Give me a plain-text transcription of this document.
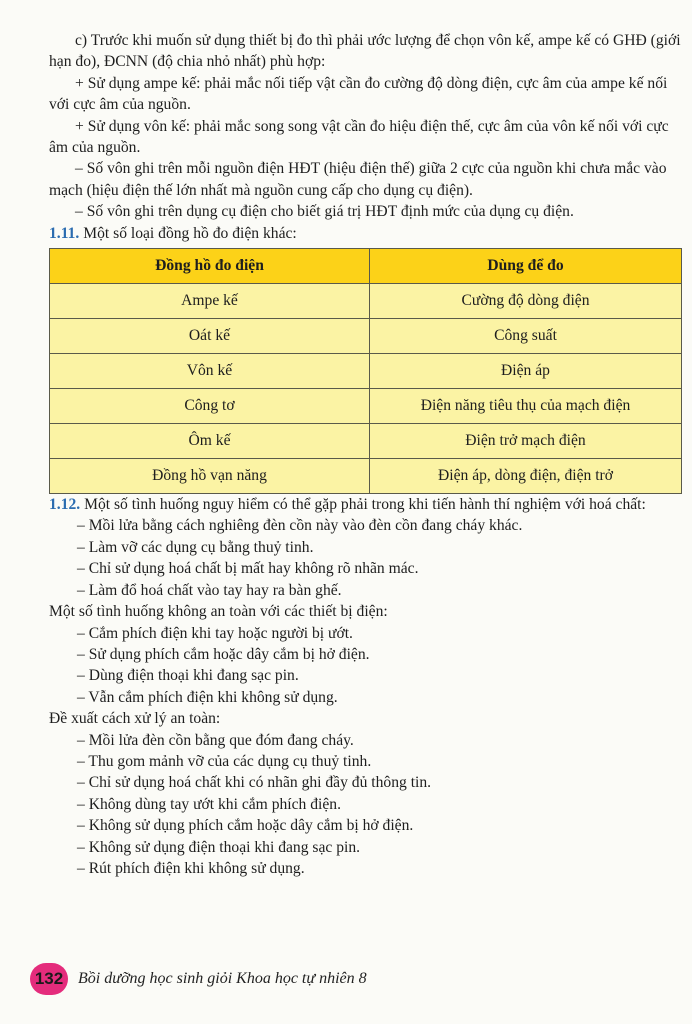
c) Trước khi muốn sử dụng thiết bị đo thì phải ước lượng để chọn vôn kế, ampe kế có GHĐ (giới hạn đo), ĐCNN (độ chia nhỏ nhất) phù hợp:

+ Sử dụng ampe kế: phải mắc nối tiếp vật cần đo cường độ dòng điện, cực âm của ampe kế nối với cực âm của nguồn.

+ Sử dụng vôn kế: phải mắc song song vật cần đo hiệu điện thế, cực âm của vôn kế nối với cực âm của nguồn.

– Số vôn ghi trên mỗi nguồn điện HĐT (hiệu điện thế) giữa 2 cực của nguồn khi chưa mắc vào mạch (hiệu điện thế lớn nhất mà nguồn cung cấp cho dụng cụ điện).

– Số vôn ghi trên dụng cụ điện cho biết giá trị HĐT định mức của dụng cụ điện.

1.11. Một số loại đồng hồ đo điện khác:

Đồng hồ đo điện	Dùng để đo
Ampe kế	Cường độ dòng điện
Oát kế	Công suất
Vôn kế	Điện áp
Công tơ	Điện năng tiêu thụ của mạch điện
Ôm kế	Điện trở mạch điện
Đồng hồ vạn năng	Điện áp, dòng điện, điện trở

1.12. Một số tình huống nguy hiểm có thể gặp phải trong khi tiến hành thí nghiệm với hoá chất:

– Mồi lửa bằng cách nghiêng đèn cồn này vào đèn cồn đang cháy khác.

– Làm vỡ các dụng cụ bằng thuỷ tinh.

– Chỉ sử dụng hoá chất bị mất hay không rõ nhãn mác.

– Làm đổ hoá chất vào tay hay ra bàn ghế.

Một số tình huống không an toàn với các thiết bị điện:

– Cắm phích điện khi tay hoặc người bị ướt.

– Sử dụng phích cắm hoặc dây cắm bị hở điện.

– Dùng điện thoại khi đang sạc pin.

– Vẫn cắm phích điện khi không sử dụng.

Đề xuất cách xử lý an toàn:

– Mồi lửa đèn cồn bằng que đóm đang cháy.

– Thu gom mảnh vỡ của các dụng cụ thuỷ tinh.

– Chỉ sử dụng hoá chất khi có nhãn ghi đầy đủ thông tin.

– Không dùng tay ướt khi cắm phích điện.

– Không sử dụng phích cắm hoặc dây cắm bị hở điện.

– Không sử dụng điện thoại khi đang sạc pin.

– Rút phích điện khi không sử dụng.

132 Bồi dưỡng học sinh giỏi Khoa học tự nhiên 8
